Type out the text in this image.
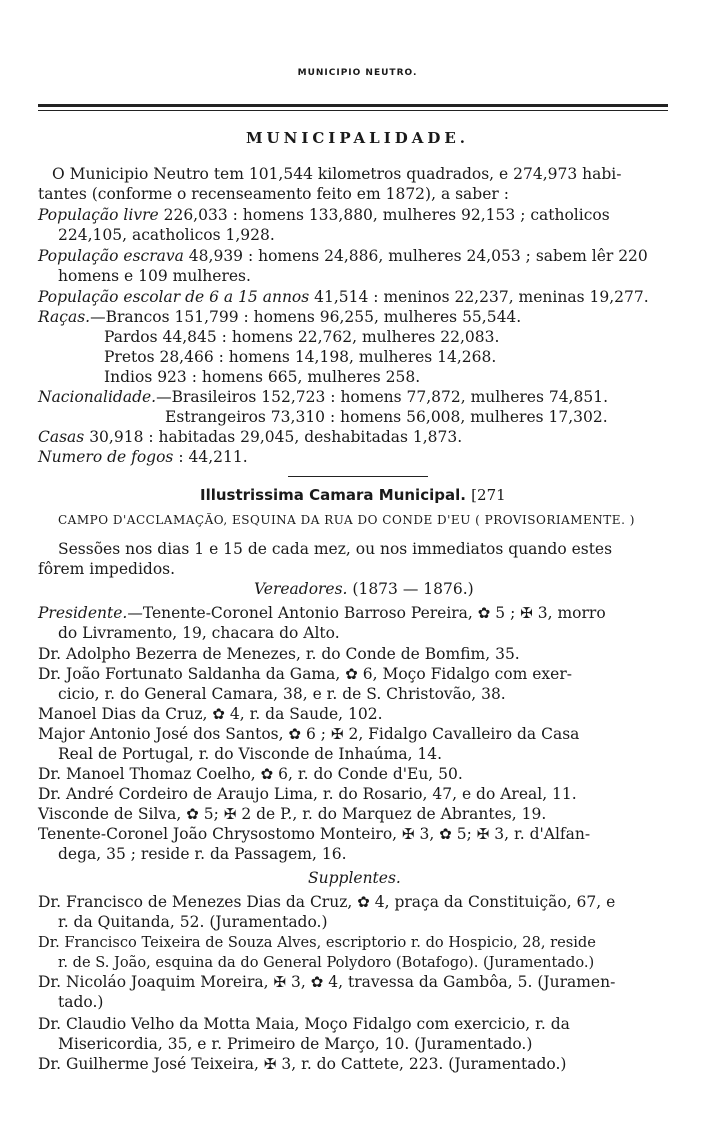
MUNICIPIO NEUTRO.
MUNICIPALIDADE.
O Municipio Neutro tem 101,544 kilometros quadrados, e 274,973 habi-
tantes (conforme o recenseamento feito em 1872), a saber :
População livre 226,033 : homens 133,880, mulheres 92,153 ; catholicos
224,105, acatholicos 1,928.
População escrava 48,939 : homens 24,886, mulheres 24,053 ; sabem lêr 220
homens e 109 mulheres.
População escolar de 6 a 15 annos 41,514 : meninos 22,237, meninas 19,277.
Raças.—Brancos 151,799 : homens 96,255, mulheres 55,544.
Pardos 44,845 : homens 22,762, mulheres 22,083.
Pretos 28,466 : homens 14,198, mulheres 14,268.
Indios 923 : homens 665, mulheres 258.
Nacionalidade.—Brasileiros 152,723 : homens 77,872, mulheres 74,851.
Estrangeiros 73,310 : homens 56,008, mulheres 17,302.
Casas 30,918 : habitadas 29,045, deshabitadas 1,873.
Numero de fogos : 44,211.
Illustrissima Camara Municipal. [271
CAMPO D'ACCLAMAÇÃO, ESQUINA DA RUA DO CONDE D'EU ( PROVISORIAMENTE. )
Sessões nos dias 1 e 15 de cada mez, ou nos immediatos quando estes
fôrem impedidos.
Vereadores. (1873 — 1876.)
Presidente.—Tenente-Coronel Antonio Barroso Pereira, ✿ 5 ; ✠ 3, morro
do Livramento, 19, chacara do Alto.
Dr. Adolpho Bezerra de Menezes, r. do Conde de Bomfim, 35.
Dr. João Fortunato Saldanha da Gama, ✿ 6, Moço Fidalgo com exer-
cicio, r. do General Camara, 38, e r. de S. Christovão, 38.
Manoel Dias da Cruz, ✿ 4, r. da Saude, 102.
Major Antonio José dos Santos, ✿ 6 ; ✠ 2, Fidalgo Cavalleiro da Casa
Real de Portugal, r. do Visconde de Inhaúma, 14.
Dr. Manoel Thomaz Coelho, ✿ 6, r. do Conde d'Eu, 50.
Dr. André Cordeiro de Araujo Lima, r. do Rosario, 47, e do Areal, 11.
Visconde de Silva, ✿ 5; ✠ 2 de P., r. do Marquez de Abrantes, 19.
Tenente-Coronel João Chrysostomo Monteiro, ✠ 3, ✿ 5; ✠ 3, r. d'Alfan-
dega, 35 ; reside r. da Passagem, 16.
Supplentes.
Dr. Francisco de Menezes Dias da Cruz, ✿ 4, praça da Constituição, 67, e
r. da Quitanda, 52. (Juramentado.)
Dr. Francisco Teixeira de Souza Alves, escriptorio r. do Hospicio, 28, reside
r. de S. João, esquina da do General Polydoro (Botafogo). (Juramentado.)
Dr. Nicoláo Joaquim Moreira, ✠ 3, ✿ 4, travessa da Gambôa, 5. (Juramen-
tado.)
Dr. Claudio Velho da Motta Maia, Moço Fidalgo com exercicio, r. da
Misericordia, 35, e r. Primeiro de Março, 10. (Juramentado.)
Dr. Guilherme José Teixeira, ✠ 3, r. do Cattete, 223. (Juramentado.)
